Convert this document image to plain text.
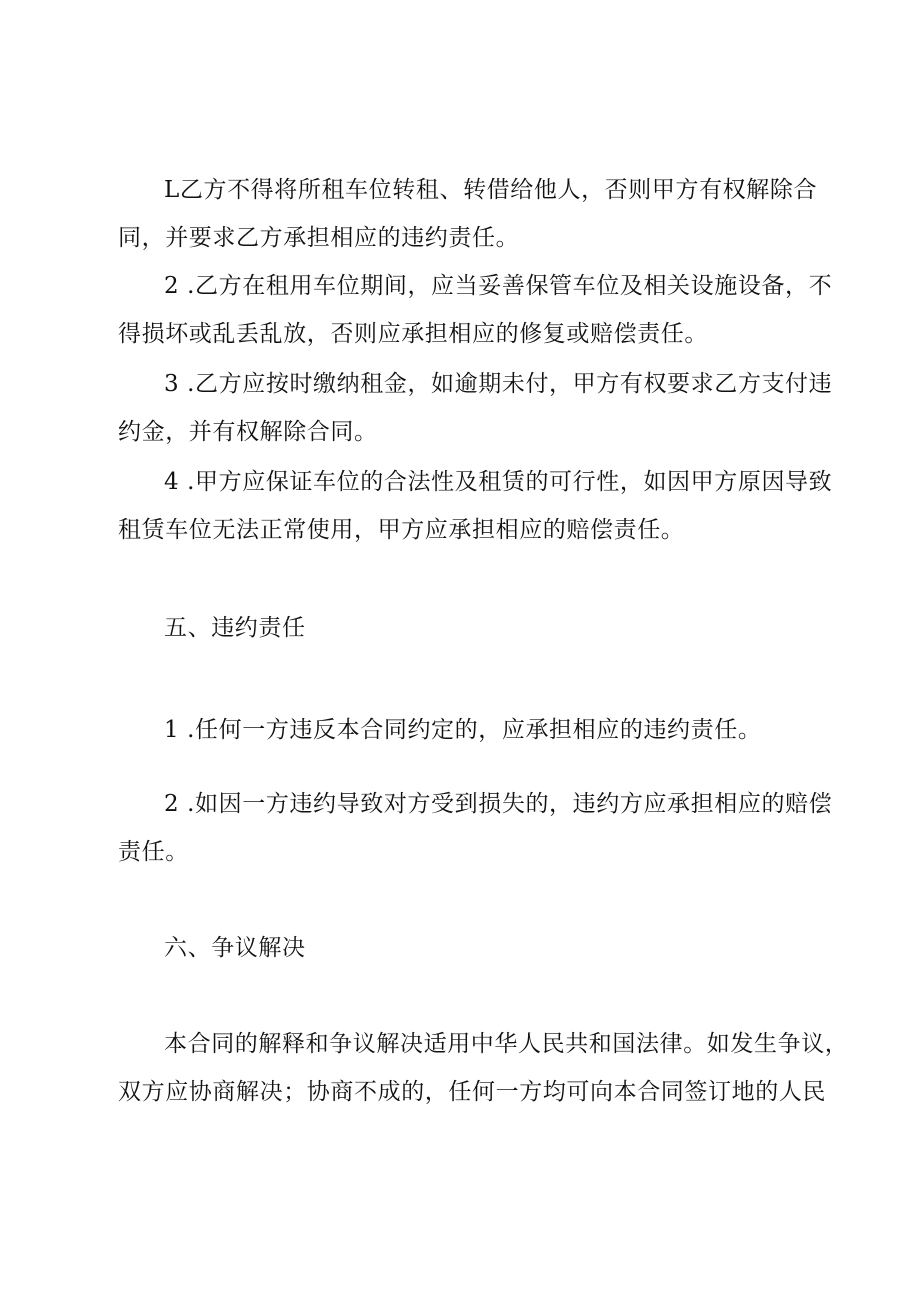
L乙方不得将所租车位转租、转借给他人，否则甲方有权解除合
同，并要求乙方承担相应的违约责任。

2 .乙方在租用车位期间，应当妥善保管车位及相关设施设备，不
得损坏或乱丢乱放，否则应承担相应的修复或赔偿责任。

3 .乙方应按时缴纳租金，如逾期未付，甲方有权要求乙方支付违
约金，并有权解除合同。

4 .甲方应保证车位的合法性及租赁的可行性，如因甲方原因导致
租赁车位无法正常使用，甲方应承担相应的赔偿责任。

五、违约责任

1 .任何一方违反本合同约定的，应承担相应的违约责任。

2 .如因一方违约导致对方受到损失的，违约方应承担相应的赔偿
责任。

六、争议解决

本合同的解释和争议解决适用中华人民共和国法律。如发生争议，
双方应协商解决；协商不成的，任何一方均可向本合同签订地的人民
